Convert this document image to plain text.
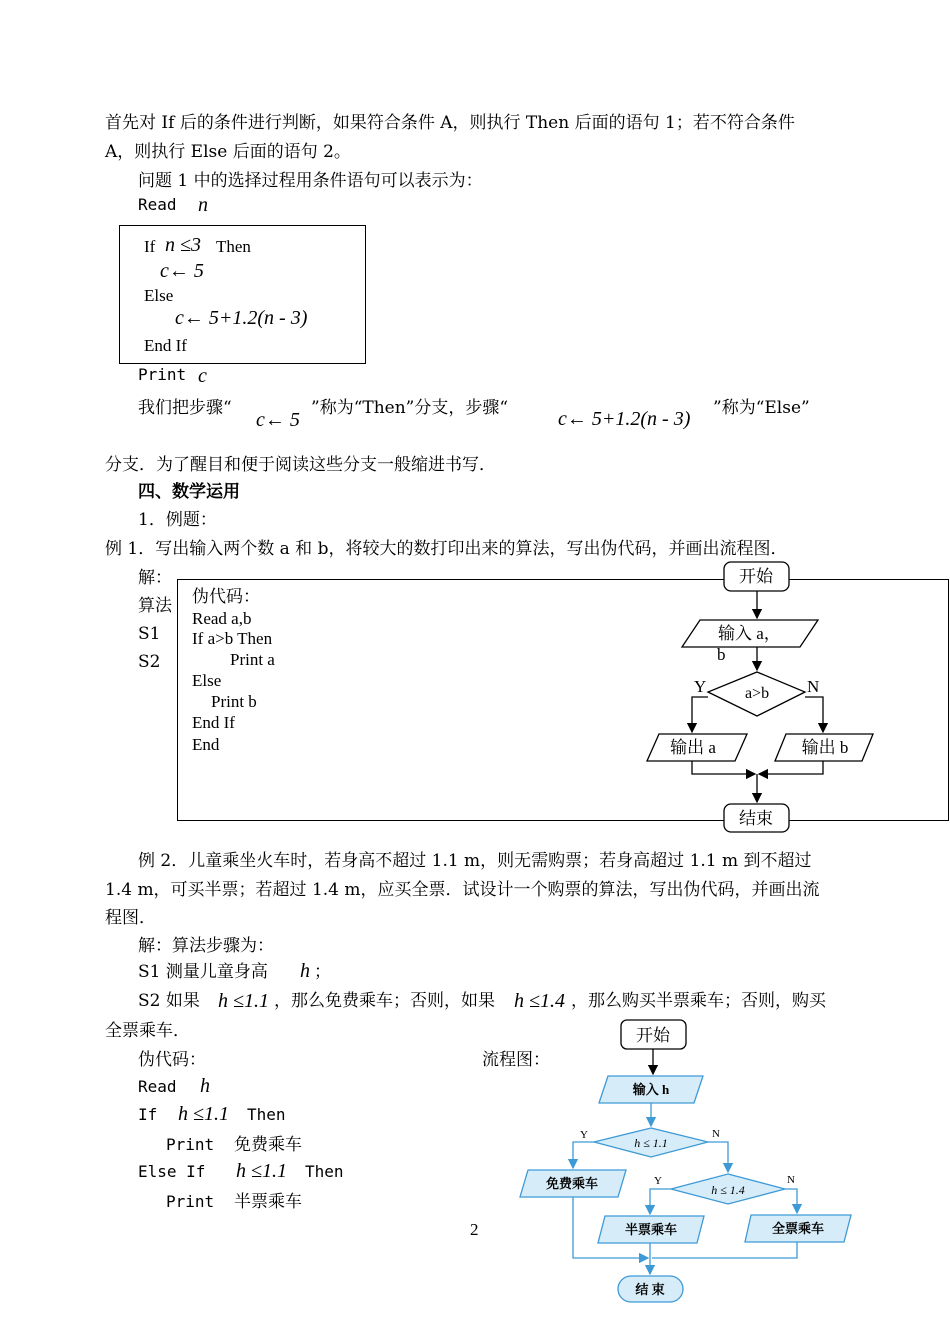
首先对 If 后的条件进行判断，如果符合条件 A，则执行 Then 后面的语句 1；若不符合条件
A，则执行 Else 后面的语句 2。
问题 1 中的选择过程用条件语句可以表示为：
Read n
If n ≤3 Then
c← 5
Else
c← 5+1.2(n - 3)
End If
Print c
我们把步骤“
c← 5
”称为“Then”分支，步骤“ c← 5+1.2(n - 3) ”称为“Else”
分支．为了醒目和便于阅读这些分支一般缩进书写．
四、数学运用
1．例题：
例 1．写出输入两个数 a 和 b，将较大的数打印出来的算法，写出伪代码，并画出流程图．
解：
算法
S1
S2
伪代码：
Read a,b
If a>b Then
Print a
Else
Print b
End If
End
开始
输入 a，
b
a>b
Y	N
输出 a	输出 b
结束
例 2．儿童乘坐火车时，若身高不超过 1.1 m，则无需购票；若身高超过 1.1 m 到不超过
1.4 m，可买半票；若超过 1.4 m，应买全票．试设计一个购票的算法，写出伪代码，并画出流
程图．
解：算法步骤为：
S1 测量儿童身高 h ；
S2 如果 h ≤1.1 ，那么免费乘车；否则，如果 h ≤1.4 ，那么购买半票乘车；否则，购买
全票乘车．
伪代码：	流程图：
Read h
If h ≤1.1 Then
Print 免费乘车
Else If h ≤1.1 Then
Print 半票乘车
2
开始
输入 h
h ≤ 1.1
h ≤ 1.4
Y	N
Y	N
免费乘车
半票乘车	全票乘车
结 束
